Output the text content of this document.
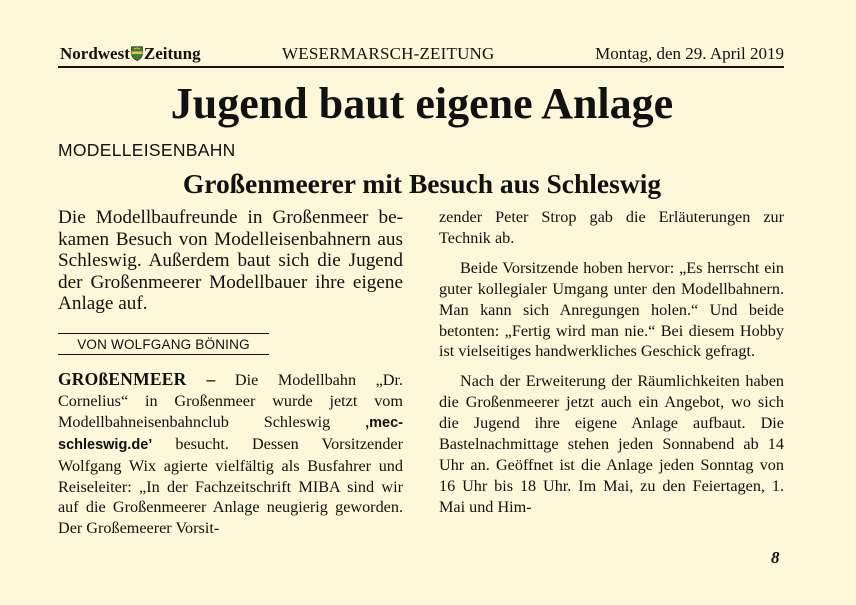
Nordwest Zeitung	WESERMARSCH-ZEITUNG	Montag, den 29. April 2019
Jugend baut eigene Anlage
MODELLEISENBAHN
Großenmeerer mit Besuch aus Schleswig

Die Modellbaufreunde in Großenmeer bekamen Besuch von Modelleisenbahnern aus Schleswig. Außerdem baut sich die Jugend der Großenmeerer Modellbauer ihre eigene Anlage auf.

VON WOLFGANG BÖNING

GROßENMEER – Die Modellbahn „Dr. Cornelius“ in Großenmeer wurde jetzt vom Modellbahneisenbahnclub Schleswig ‚mec-schleswig.de’ besucht. Dessen Vorsitzender Wolfgang Wix agierte vielfältig als Busfahrer und Reiseleiter: „In der Fachzeitschrift MIBA sind wir auf die Großenmeerer Anlage neugierig geworden. Der Großemeerer Vorsit-

zender Peter Strop gab die Erläuterungen zur Technik ab.

Beide Vorsitzende hoben hervor: „Es herrscht ein guter kollegialer Umgang unter den Modellbahnern. Man kann sich Anregungen holen.“ Und beide betonten: „Fertig wird man nie.“ Bei diesem Hobby ist vielseitiges handwerkliches Geschick gefragt.

Nach der Erweiterung der Räumlichkeiten haben die Großenmeerer jetzt auch ein Angebot, wo sich die Jugend ihre eigene Anlage aufbaut. Die Bastelnachmittage stehen jeden Sonnabend ab 14 Uhr an. Geöffnet ist die Anlage jeden Sonntag von 16 Uhr bis 18 Uhr. Im Mai, zu den Feiertagen, 1. Mai und Him-

8
